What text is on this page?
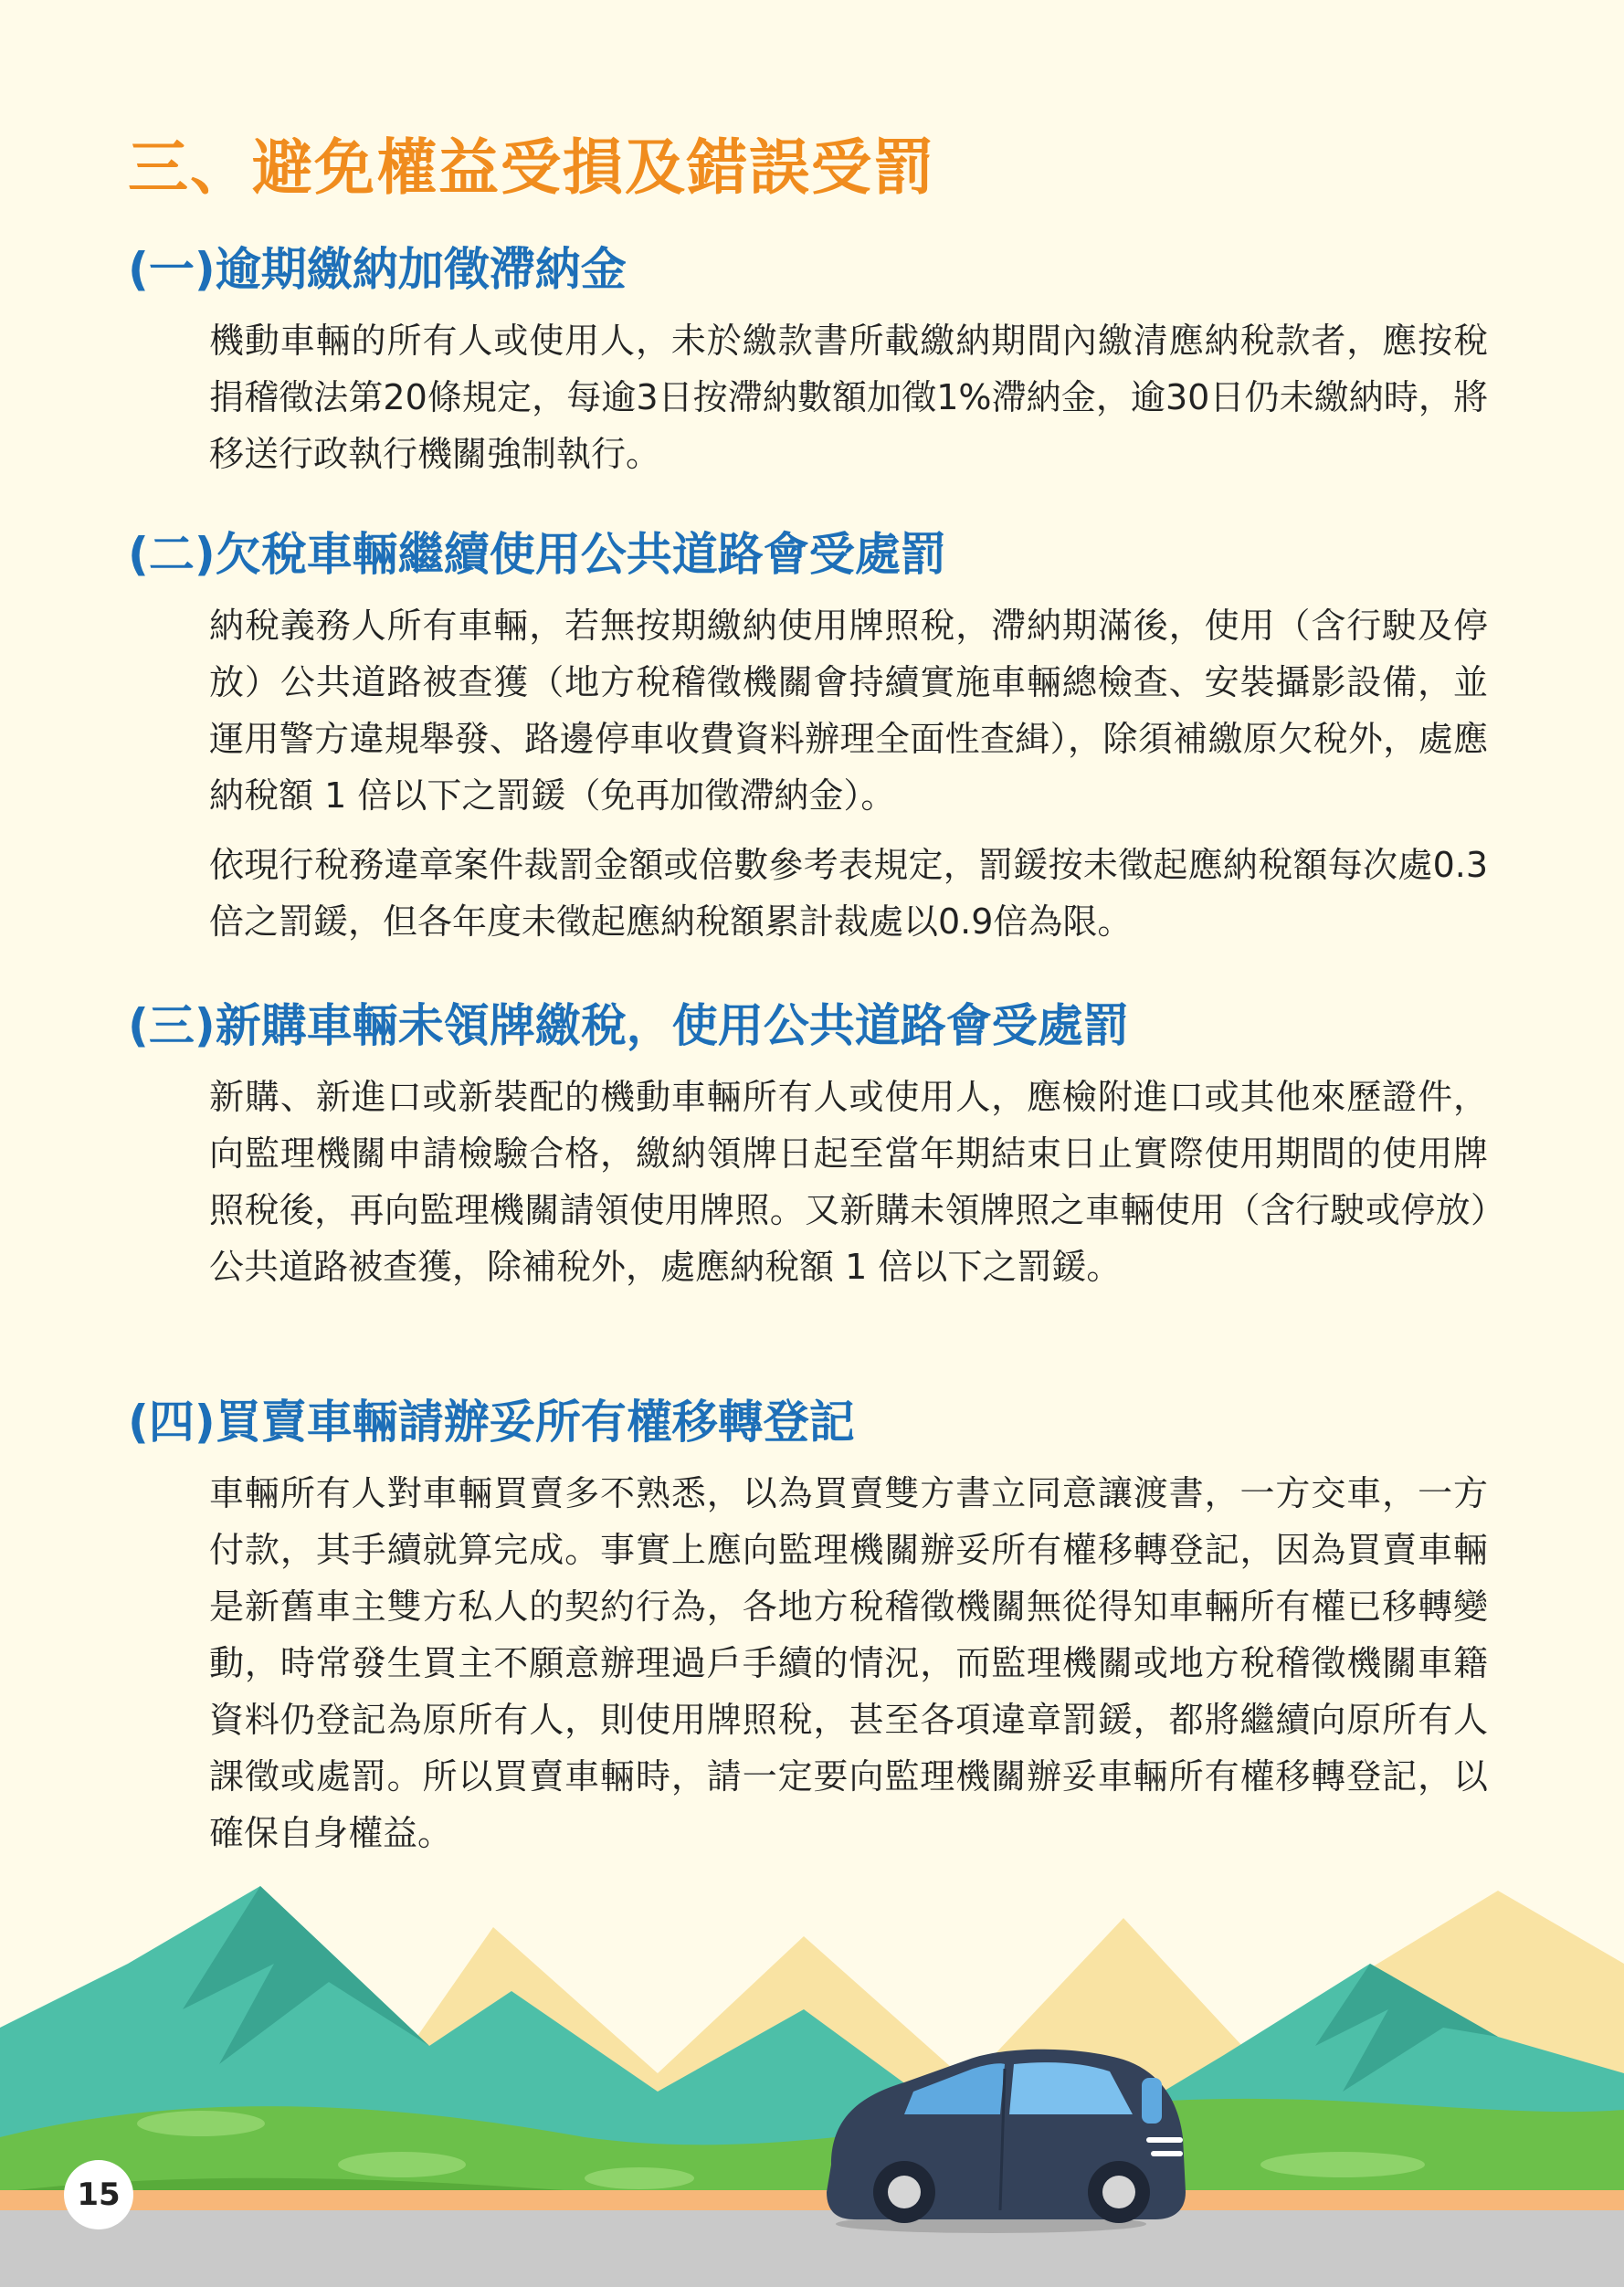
三、避免權益受損及錯誤受罰
(一)逾期繳納加徵滯納金

機動車輛的所有人或使用人，未於繳款書所載繳納期間內繳清應納稅款者，應按稅捐稽徵法第20條規定，每逾3日按滯納數額加徵1%滯納金，逾30日仍未繳納時，將移送行政執行機關強制執行。

(二)欠稅車輛繼續使用公共道路會受處罰

納稅義務人所有車輛，若無按期繳納使用牌照稅，滯納期滿後，使用（含行駛及停放）公共道路被查獲（地方稅稽徵機關會持續實施車輛總檢查、安裝攝影設備，並運用警方違規舉發、路邊停車收費資料辦理全面性查緝），除須補繳原欠稅外，處應納稅額 1 倍以下之罰鍰（免再加徵滯納金）。

依現行稅務違章案件裁罰金額或倍數參考表規定，罰鍰按未徵起應納稅額每次處0.3倍之罰鍰，但各年度未徵起應納稅額累計裁處以0.9倍為限。

(三)新購車輛未領牌繳稅，使用公共道路會受處罰

新購、新進口或新裝配的機動車輛所有人或使用人，應檢附進口或其他來歷證件，向監理機關申請檢驗合格，繳納領牌日起至當年期結束日止實際使用期間的使用牌照稅後，再向監理機關請領使用牌照。又新購未領牌照之車輛使用（含行駛或停放）公共道路被查獲，除補稅外，處應納稅額 1 倍以下之罰鍰。

(四)買賣車輛請辦妥所有權移轉登記

車輛所有人對車輛買賣多不熟悉，以為買賣雙方書立同意讓渡書，一方交車，一方付款，其手續就算完成。事實上應向監理機關辦妥所有權移轉登記，因為買賣車輛是新舊車主雙方私人的契約行為，各地方稅稽徵機關無從得知車輛所有權已移轉變動，時常發生買主不願意辦理過戶手續的情況，而監理機關或地方稅稽徵機關車籍資料仍登記為原所有人，則使用牌照稅，甚至各項違章罰鍰，都將繼續向原所有人課徵或處罰。所以買賣車輛時，請一定要向監理機關辦妥車輛所有權移轉登記，以確保自身權益。

15
